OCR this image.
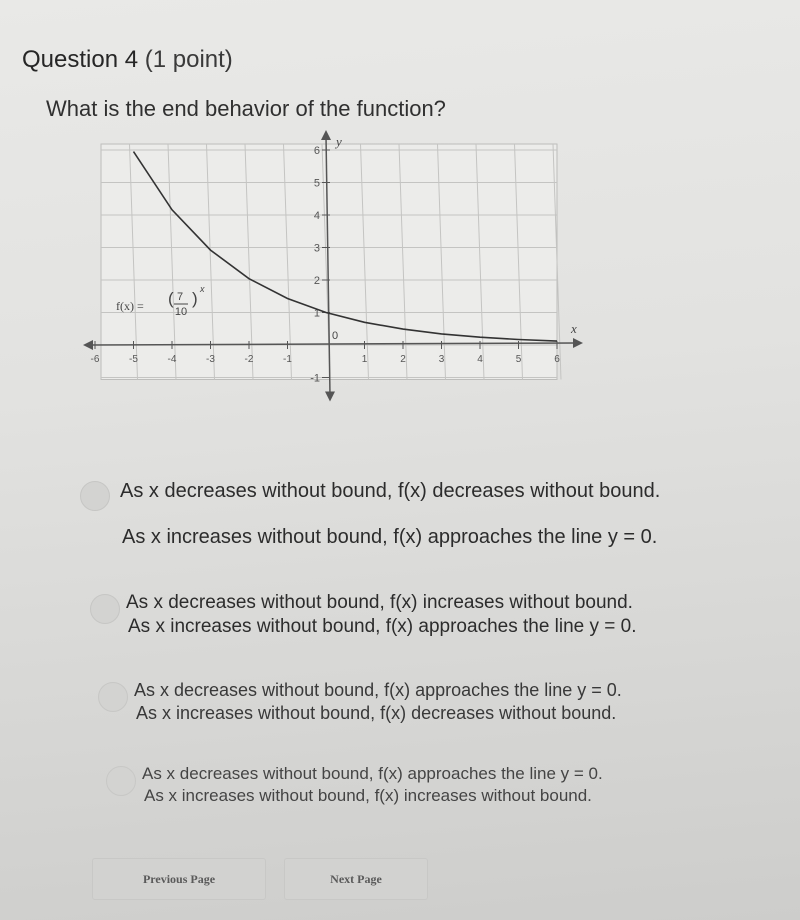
Question 4 (1 point)
What is the end behavior of the function?
y
x
0
-6	-5	-4	-3	-2	-1	1	2	3	4	5	6
6
5
4
3
2
1
-1
f(x) = ( 7
10
) x
As x decreases without bound, f(x) decreases without bound.
As x increases without bound, f(x) approaches the line y = 0.
As x decreases without bound, f(x) increases without bound.
As x increases without bound, f(x) approaches the line y = 0.
As x decreases without bound, f(x) approaches the line y = 0.
As x increases without bound, f(x) decreases without bound.
As x decreases without bound, f(x) approaches the line y = 0.
As x increases without bound, f(x) increases without bound.
Previous Page	Next Page
